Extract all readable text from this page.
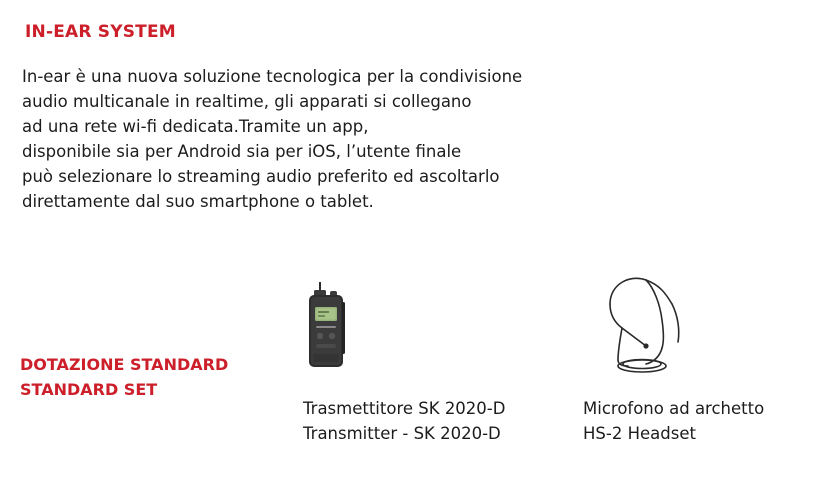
IN-EAR SYSTEM
In-ear è una nuova soluzione tecnologica per la condivisione
audio multicanale in realtime, gli apparati si collegano
ad una rete wi-fi dedicata.Tramite un app,
disponibile sia per Android sia per iOS, l’utente finale
può selezionare lo streaming audio preferito ed ascoltarlo
direttamente dal suo smartphone o tablet.
DOTAZIONE STANDARD
STANDARD SET
Trasmettitore SK 2020-D
Transmitter - SK 2020-D
Microfono ad archetto
HS-2 Headset
